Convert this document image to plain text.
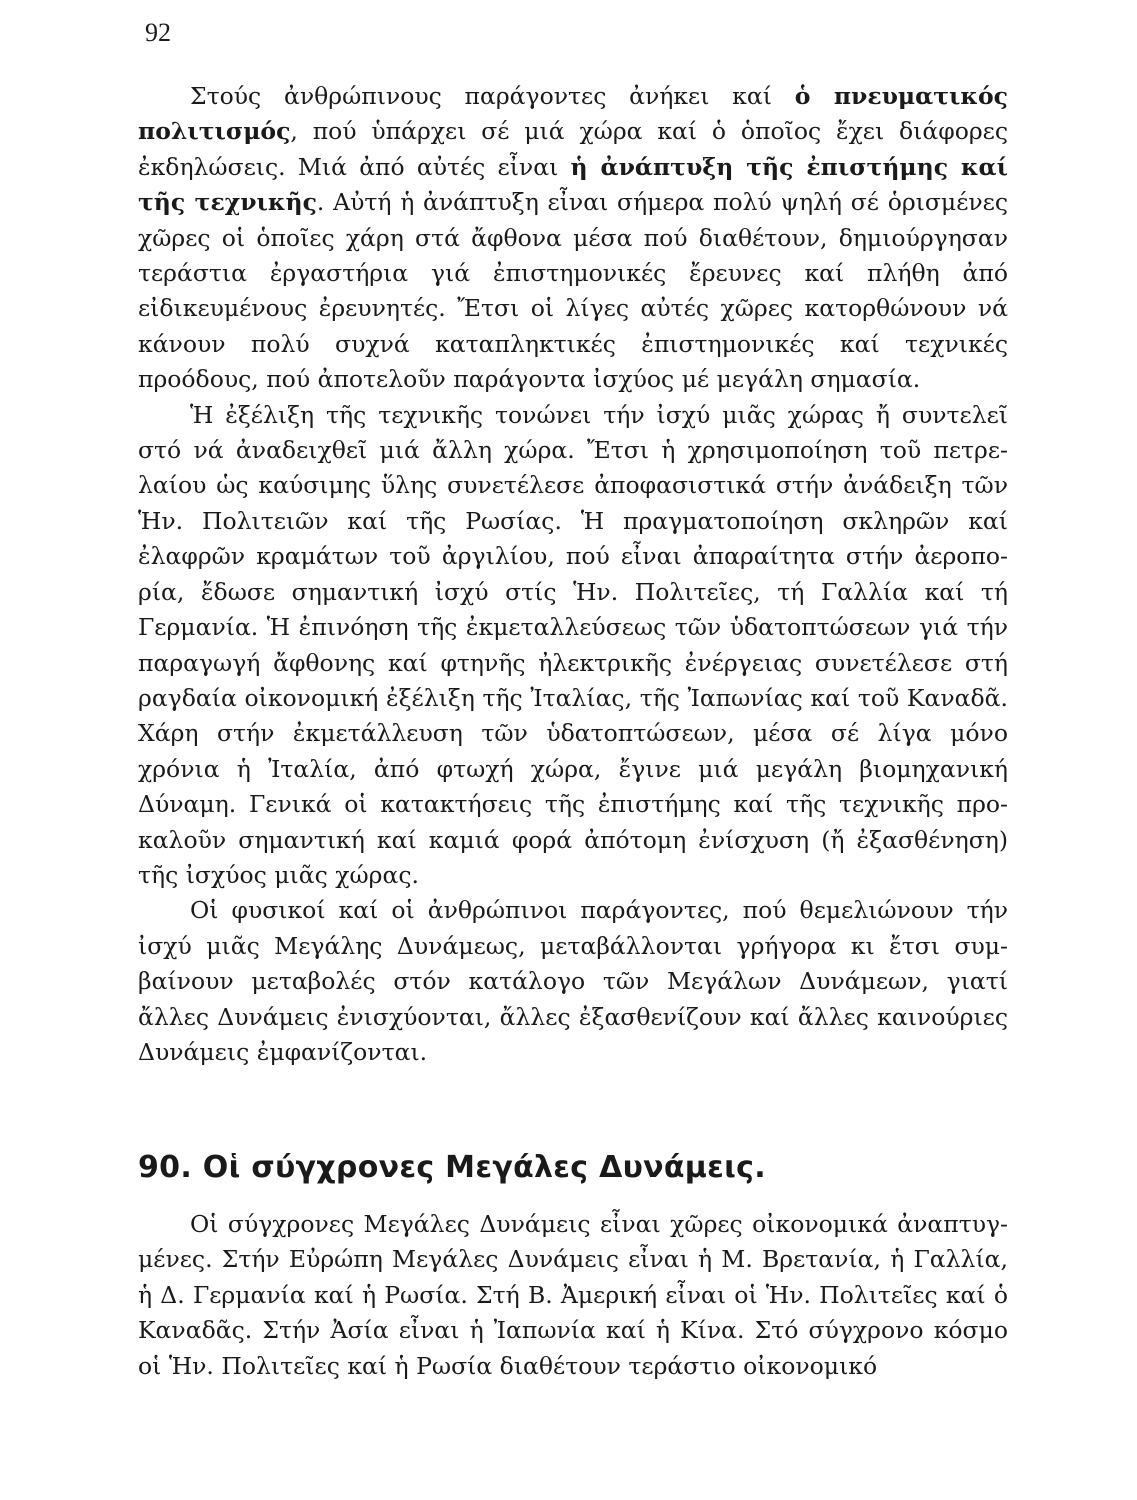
92

Στούς ἀνθρώπινους παράγοντες ἀνήκει καί ὁ πνευματικός πολιτισμός, πού ὑπάρχει σέ μιά χώρα καί ὁ ὁποῖος ἔχει διάφορες ἐκδηλώσεις. Μιά ἀπό αὐτές εἶναι ἡ ἀνάπτυξη τῆς ἐπιστήμης καί τῆς τεχνικῆς. Αὐτή ἡ ἀνάπτυξη εἶναι σήμερα πολύ ψηλή σέ ὁρισμένες χῶρες οἱ ὁποῖες χάρη στά ἄφθονα μέσα πού διαθέτουν, δημιούργησαν τεράστια ἐργαστήρια γιά ἐπιστημονικές ἔρευνες καί πλήθη ἀπό εἰδικευμένους ἐρευνητές. Ἔτσι οἱ λίγες αὐτές χῶρες κατορθώνουν νά κάνουν πολύ συχνά καταπληκτικές ἐπιστημονικές καί τεχνικές προόδους, πού ἀποτελοῦν παράγοντα ἰσχύος μέ μεγάλη σημασία.

Ἡ ἐξέλιξη τῆς τεχνικῆς τονώνει τήν ἰσχύ μιᾶς χώρας ἤ συντελεῖ στό νά ἀναδειχθεῖ μιά ἄλλη χώρα. Ἔτσι ἡ χρησιμοποίηση τοῦ πετρελαίου ὡς καύσιμης ὕλης συνετέλεσε ἀποφασιστικά στήν ἀνάδειξη τῶν Ἡν. Πολιτειῶν καί τῆς Ρωσίας. Ἡ πραγματοποίηση σκληρῶν καί ἐλαφρῶν κραμάτων τοῦ ἀργιλίου, πού εἶναι ἀπαραίτητα στήν ἀεροπορία, ἔδωσε σημαντική ἰσχύ στίς Ἡν. Πολιτεῖες, τή Γαλλία καί τή Γερμανία. Ἡ ἐπινόηση τῆς ἐκμεταλλεύσεως τῶν ὑδατοπτώσεων γιά τήν παραγωγή ἄφθονης καί φτηνῆς ἠλεκτρικῆς ἐνέργειας συνετέλεσε στή ραγδαία οἰκονομική ἐξέλιξη τῆς Ἰταλίας, τῆς Ἰαπωνίας καί τοῦ Καναδᾶ. Χάρη στήν ἐκμετάλλευση τῶν ὑδατοπτώσεων, μέσα σέ λίγα μόνο χρόνια ἡ Ἰταλία, ἀπό φτωχή χώρα, ἔγινε μιά μεγάλη βιομηχανική Δύναμη. Γενικά οἱ κατακτήσεις τῆς ἐπιστήμης καί τῆς τεχνικῆς προκαλοῦν σημαντική καί καμιά φορά ἀπότομη ἐνίσχυση (ἤ ἐξασθένηση) τῆς ἰσχύος μιᾶς χώρας.

Οἱ φυσικοί καί οἱ ἀνθρώπινοι παράγοντες, πού θεμελιώνουν τήν ἰσχύ μιᾶς Μεγάλης Δυνάμεως, μεταβάλλονται γρήγορα κι ἔτσι συμβαίνουν μεταβολές στόν κατάλογο τῶν Μεγάλων Δυνάμεων, γιατί ἄλλες Δυνάμεις ἐνισχύονται, ἄλλες ἐξασθενίζουν καί ἄλλες καινούριες Δυνάμεις ἐμφανίζονται.

90. Οἱ σύγχρονες Μεγάλες Δυνάμεις.

Οἱ σύγχρονες Μεγάλες Δυνάμεις εἶναι χῶρες οἰκονομικά ἀναπτυγμένες. Στήν Εὐρώπη Μεγάλες Δυνάμεις εἶναι ἡ Μ. Βρετανία, ἡ Γαλλία, ἡ Δ. Γερμανία καί ἡ Ρωσία. Στή Β. Ἀμερική εἶναι οἱ Ἡν. Πολιτεῖες καί ὁ Καναδᾶς. Στήν Ἀσία εἶναι ἡ Ἰαπωνία καί ἡ Κίνα. Στό σύγχρονο κόσμο οἱ Ἡν. Πολιτεῖες καί ἡ Ρωσία διαθέτουν τεράστιο οἰκονομικό
